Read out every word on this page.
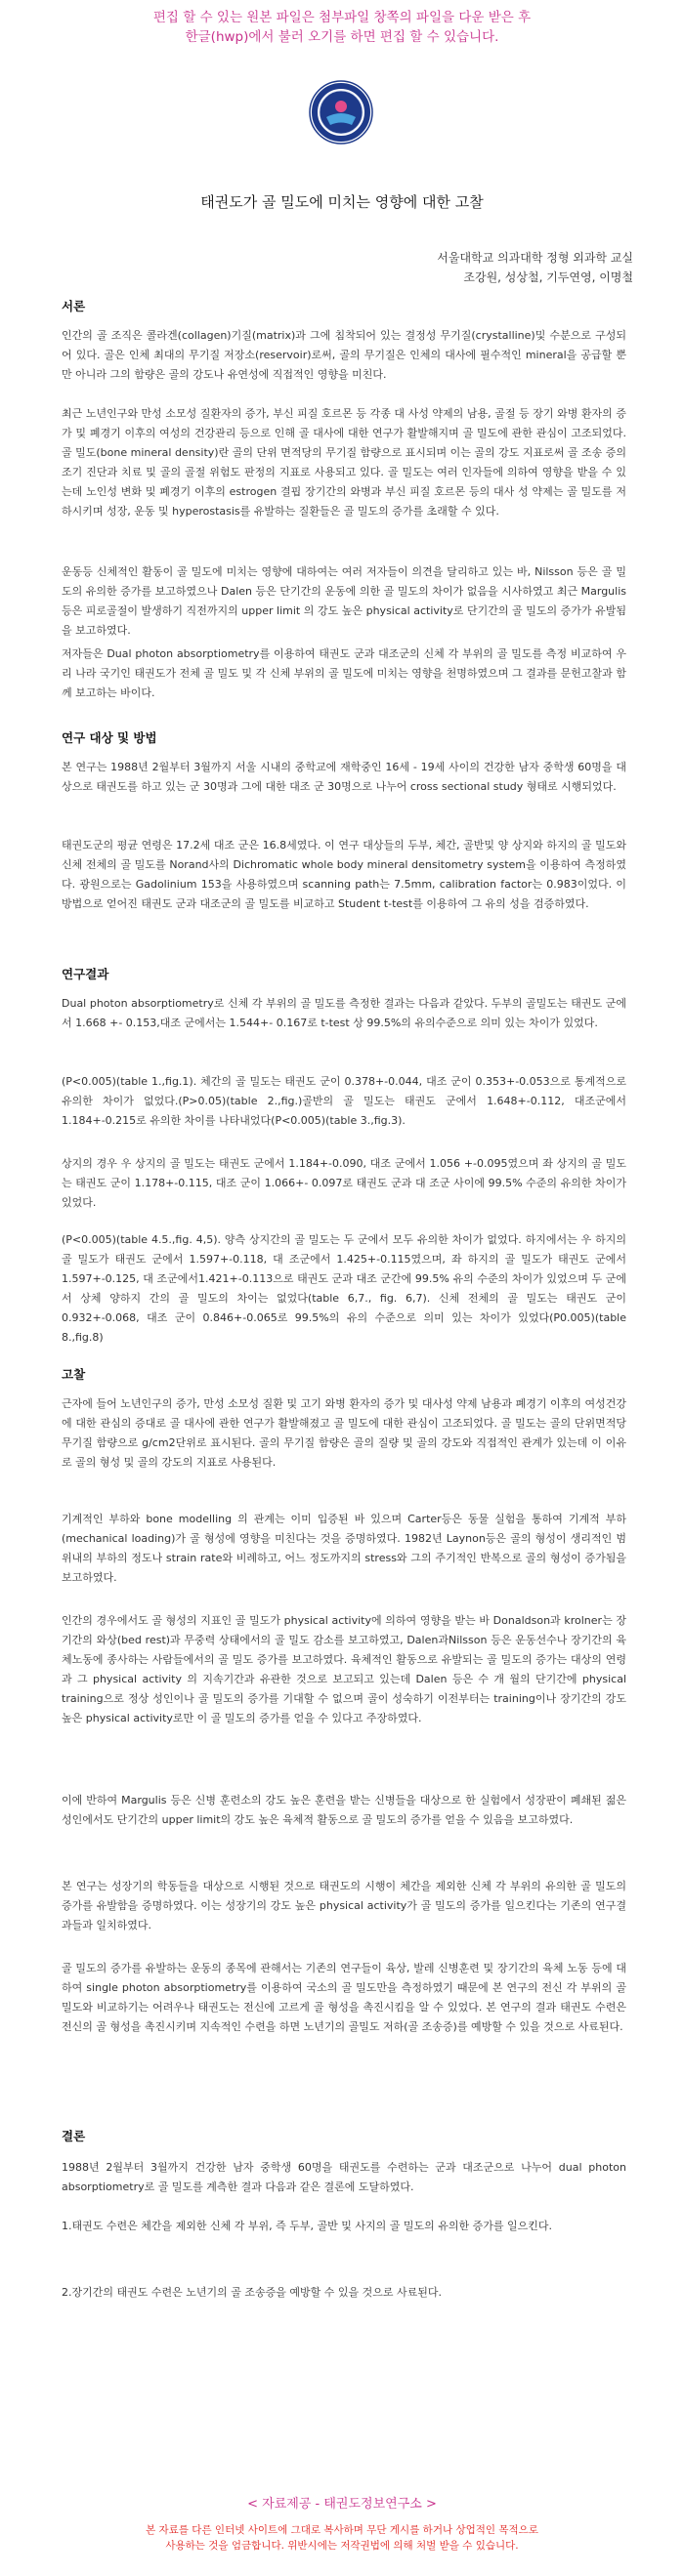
편집 할 수 있는 원본 파일은 첨부파일 창쪽의 파일을 다운 받은 후
한글(hwp)에서 불러 오기를 하면 편집 할 수 있습니다.
태권도가 골 밀도에 미치는 영향에 대한 고찰
서울대학교 의과대학 정형 외과학 교실
조강원, 성상철, 기두연영, 이명철
서론

인간의 골 조직은 콜라겐(collagen)기질(matrix)과 그에 침착되어 있는 결정성 무기질(crystalline)및 수분으로 구성되어 있다. 골은 인체 최대의 무기질 저장소(reservoir)로써, 골의 무기질은 인체의 대사에 필수적인 mineral을 공급할 뿐만 아니라 그의 함량은 골의 강도나 유연성에 직접적인 영향을 미친다.

최근 노년인구와 만성 소모성 질환자의 증가, 부신 피질 호르몬 등 각종 대 사성 약제의 남용, 골절 등 장기 와병 환자의 증가 및 폐경기 이후의 여성의 건강관리 등으로 인해 골 대사에 대한 연구가 활발해지며 골 밀도에 관한 관심이 고조되었다. 골 밀도(bone mineral density)란 골의 단위 면적당의 무기질 함량으로 표시되며 이는 골의 강도 지표로써 골 조송 증의 조기 진단과 치료 및 골의 골절 위험도 판정의 지표로 사용되고 있다. 골 밀도는 여러 인자들에 의하여 영향을 받을 수 있는데 노인성 변화 및 폐경기 이후의 estrogen 결핍 장기간의 와병과 부신 피질 호르몬 등의 대사 성 약제는 골 밀도를 저하시키며 성장, 운동 및 hyperostasis를 유발하는 질환들은 골 밀도의 증가를 초래할 수 있다.

운동등 신체적인 활동이 골 밀도에 미치는 영향에 대하여는 여러 저자들이 의견을 달리하고 있는 바, Nilsson 등은 골 밀도의 유의한 증가를 보고하였으나 Dalen 등은 단기간의 운동에 의한 골 밀도의 차이가 없음을 시사하였고 최근 Margulis 등은 피로골절이 발생하기 직전까지의 upper limit 의 강도 높은 physical activity로 단기간의 골 밀도의 증가가 유발됨을 보고하였다.

저자들은 Dual photon absorptiometry를 이용하여 태권도 군과 대조군의 신체 각 부위의 골 밀도를 측정 비교하여 우리 나라 국기인 태권도가 전체 골 밀도 및 각 신체 부위의 골 밀도에 미치는 영향을 천명하였으며 그 결과를 문헌고찰과 함께 보고하는 바이다.

연구 대상 및 방법

본 연구는 1988년 2월부터 3월까지 서울 시내의 중학교에 재학중인 16세 - 19세 사이의 건강한 남자 중학생 60명을 대상으로 태권도를 하고 있는 군 30명과 그에 대한 대조 군 30명으로 나누어 cross sectional study 형태로 시행되었다.

태권도군의 평균 연령은 17.2세 대조 군은 16.8세였다. 이 연구 대상들의 두부, 체간, 골반및 양 상지와 하지의 골 밀도와 신체 전체의 골 밀도를 Norand사의 Dichromatic whole body mineral densitometry system을 이용하여 측정하였다. 광원으로는 Gadolinium 153을 사용하였으며 scanning path는 7.5mm, calibration factor는 0.983이었다. 이 방법으로 얻어진 태권도 군과 대조군의 골 밀도를 비교하고 Student t-test를 이용하여 그 유의 성을 검증하였다.

연구결과

Dual photon absorptiometry로 신체 각 부위의 골 밀도를 측정한 결과는 다음과 같았다. 두부의 골밀도는 태권도 군에서 1.668 +- 0.153,대조 군에서는 1.544+- 0.167로 t-test 상 99.5%의 유의수준으로 의미 있는 차이가 있었다.

(P<0.005)(table 1.,fig.1). 체간의 골 밀도는 태권도 군이 0.378+-0.044, 대조 군이 0.353+-0.053으로 통계적으로 유의한 차이가 없었다.(P>0.05)(table 2.,fig.)골반의 골 밀도는 태권도 군에서 1.648+-0.112, 대조군에서 1.184+-0.215로 유의한 차이를 나타내었다(P<0.005)(table 3.,fig.3).

상지의 경우 우 상지의 골 밀도는 태권도 군에서 1.184+-0.090, 대조 군에서 1.056 +-0.095였으며 좌 상지의 골 밀도는 태권도 군이 1.178+-0.115, 대조 군이 1.066+- 0.097로 태권도 군과 대 조군 사이에 99.5% 수준의 유의한 차이가 있었다.

(P<0.005)(table 4.5.,fig. 4,5). 양측 상지간의 골 밀도는 두 군에서 모두 유의한 차이가 없었다. 하지에서는 우 하지의 골 밀도가 태권도 군에서 1.597+-0.118, 대 조군에서 1.425+-0.115였으며, 좌 하지의 골 밀도가 태권도 군에서 1.597+-0.125, 대 조군에서1.421+-0.113으로 태권도 군과 대조 군간에 99.5% 유의 수준의 차이가 있었으며 두 군에서 상체 양하지 간의 골 밀도의 차이는 없었다(table 6,7., fig. 6,7). 신체 전체의 골 밀도는 태권도 군이 0.932+-0.068, 대조 군이 0.846+-0.065로 99.5%의 유의 수준으로 의미 있는 차이가 있었다(P0.005)(table 8.,fig.8)

고찰

근자에 들어 노년인구의 증가, 만성 소모성 질환 및 고기 와병 환자의 증가 및 대사성 약제 남용과 폐경기 이후의 여성건강에 대한 관심의 증대로 골 대사에 관한 연구가 활발해졌고 골 밀도에 대한 관심이 고조되었다. 골 밀도는 골의 단위면적당무기질 함량으로 g/cm2단위로 표시된다. 골의 무기질 함량은 골의 질량 및 골의 강도와 직접적인 관계가 있는데 이 이유로 골의 형성 및 골의 강도의 지표로 사용된다.

기계적인 부하와 bone modelling 의 관계는 이미 입증된 바 있으며 Carter등은 동물 실험을 통하여 기계적 부하(mechanical loading)가 골 형성에 영향을 미친다는 것을 증명하였다. 1982년 Laynon등은 골의 형성이 생리적인 범위내의 부하의 정도나 strain rate와 비례하고, 어느 정도까지의 stress와 그의 주기적인 반복으로 골의 형성이 증가됨을 보고하였다.

인간의 경우에서도 골 형성의 지표인 골 밀도가 physical activity에 의하여 영향을 받는 바 Donaldson과 krolner는 장기간의 와상(bed rest)과 무중력 상태에서의 골 밀도 감소를 보고하였고, Dalen과Nilsson 등은 운동선수나 장기간의 육체노동에 종사하는 사람들에서의 골 밀도 증가를 보고하였다. 육체적인 활동으로 유발되는 골 밀도의 증가는 대상의 연령과 그 physical activity 의 지속기간과 유관한 것으로 보고되고 있는데 Dalen 등은 수 개 월의 단기간에 physical training으로 정상 성인이나 골 밀도의 증가를 기대할 수 없으며 골이 성숙하기 이전부터는 training이나 장기간의 강도 높은 physical activity로만 이 골 밀도의 증가를 얻을 수 있다고 주장하였다.

이에 반하여 Margulis 등은 신병 훈련소의 강도 높은 훈련을 받는 신병들을 대상으로 한 실험에서 성장판이 폐쇄된 젊은 성인에서도 단기간의 upper limit의 강도 높은 육체적 활동으로 골 밀도의 증가를 얻을 수 있음을 보고하였다.

본 연구는 성장기의 학동들을 대상으로 시행된 것으로 태권도의 시행이 체간을 제외한 신체 각 부위의 유의한 골 밀도의 증가를 유발함을 증명하였다. 이는 성장기의 강도 높은 physical activity가 골 밀도의 증가를 일으킨다는 기존의 연구결과들과 일치하였다.

골 밀도의 증가를 유발하는 운동의 종목에 관해서는 기존의 연구들이 육상, 발레 신병훈련 및 장기간의 육체 노동 등에 대하여 single photon absorptiometry를 이용하여 국소의 골 밀도만을 측정하였기 때문에 본 연구의 전신 각 부위의 골밀도와 비교하기는 어려우나 태권도는 전신에 고르게 골 형성을 촉진시킴을 알 수 있었다. 본 연구의 결과 태권도 수련은 전신의 골 형성을 촉진시키며 지속적인 수련을 하면 노년기의 골밀도 저하(골 조송증)를 예방할 수 있을 것으로 사료된다.

결론

1988년 2월부터 3월까지 건강한 남자 중학생 60명을 태권도를 수련하는 군과 대조군으로 나누어 dual photon absorptiometry로 골 밀도를 계측한 결과 다음과 같은 결론에 도달하였다.

1.태권도 수련은 체간을 제외한 신체 각 부위, 즉 두부, 골반 및 사지의 골 밀도의 유의한 증가를 일으킨다.

2.장기간의 태권도 수련은 노년기의 골 조송증을 예방할 수 있을 것으로 사료된다.

< 자료제공 - 태권도정보연구소 >
본 자료를 다른 인터넷 사이트에 그대로 복사하며 무단 게시를 하거나 상업적인 목적으로
사용하는 것을 엄금합니다. 위반시에는 저작권법에 의해 처벌 받을 수 있습니다.
